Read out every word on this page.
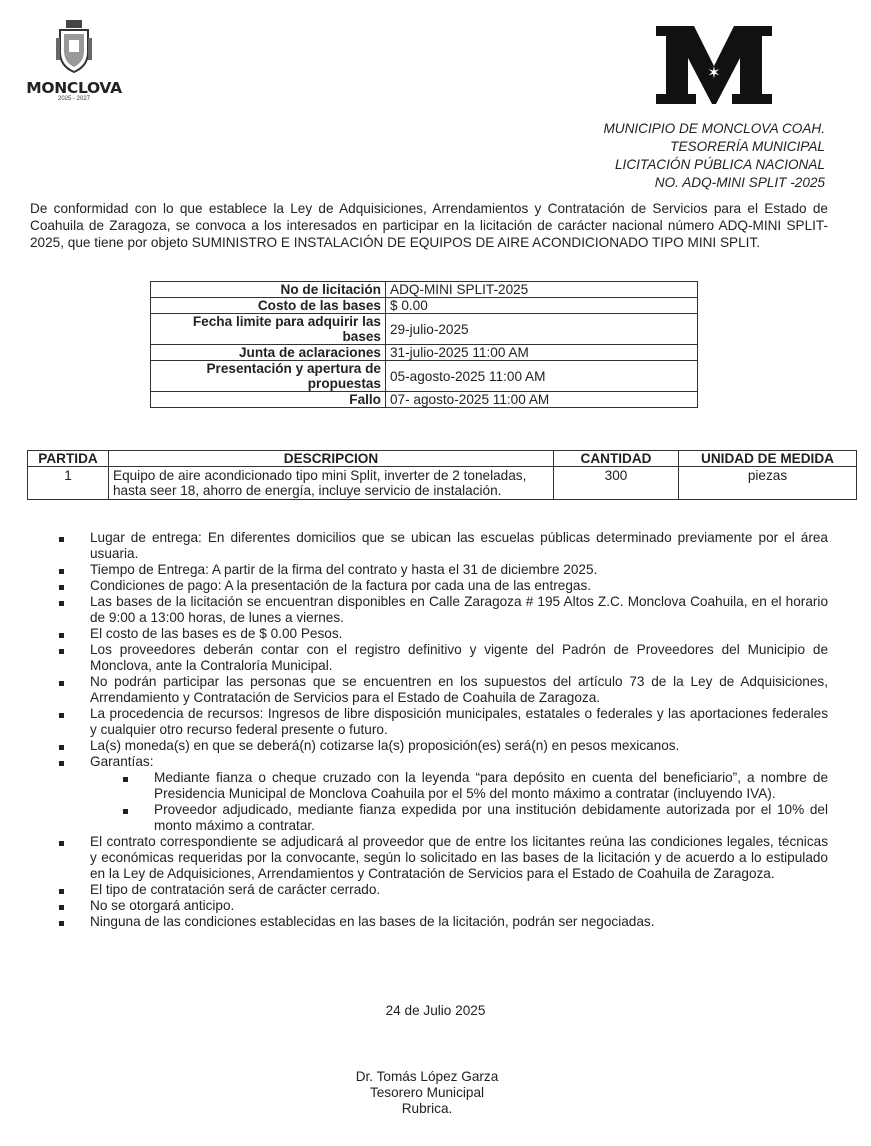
MONCLOVA
2025 - 2027
✶
MUNICIPIO DE MONCLOVA COAH.
TESORERÍA MUNICIPAL
LICITACIÓN PÚBLICA NACIONAL
NO. ADQ-MINI SPLIT -2025
De conformidad con lo que establece la Ley de Adquisiciones, Arrendamientos y Contratación de Servicios para el Estado de Coahuila de Zaragoza, se convoca a los interesados en participar en la licitación de carácter nacional número ADQ-MINI SPLIT-2025, que tiene por objeto SUMINISTRO E INSTALACIÓN DE EQUIPOS DE AIRE ACONDICIONADO TIPO MINI SPLIT.
No de licitación	ADQ-MINI SPLIT-2025
Costo de las bases	$ 0.00
Fecha limite para adquirir las bases	29-julio-2025
Junta de aclaraciones	31-julio-2025 11:00 AM
Presentación y apertura de propuestas	05-agosto-2025 11:00 AM
Fallo	07- agosto-2025 11:00 AM
PARTIDA	DESCRIPCION	CANTIDAD	UNIDAD DE MEDIDA
1	Equipo de aire acondicionado tipo mini Split, inverter de 2 toneladas, hasta seer 18, ahorro de energía, incluye servicio de instalación.	300	piezas
Lugar de entrega: En diferentes domicilios que se ubican las escuelas públicas determinado previamente por el área usuaria.
Tiempo de Entrega: A partir de la firma del contrato y hasta el 31 de diciembre 2025.
Condiciones de pago: A la presentación de la factura por cada una de las entregas.
Las bases de la licitación se encuentran disponibles en Calle Zaragoza # 195 Altos Z.C. Monclova Coahuila, en el horario de 9:00 a 13:00 horas, de lunes a viernes.
El costo de las bases es de $ 0.00 Pesos.
Los proveedores deberán contar con el registro definitivo y vigente del Padrón de Proveedores del Municipio de Monclova, ante la Contraloría Municipal.
No podrán participar las personas que se encuentren en los supuestos del artículo 73 de la Ley de Adquisiciones, Arrendamiento y Contratación de Servicios para el Estado de Coahuila de Zaragoza.
La procedencia de recursos: Ingresos de libre disposición municipales, estatales o federales y las aportaciones federales y cualquier otro recurso federal presente o futuro.
La(s) moneda(s) en que se deberá(n) cotizarse la(s) proposición(es) será(n) en pesos mexicanos.
Garantías:
Mediante fianza o cheque cruzado con la leyenda “para depósito en cuenta del beneficiario”, a nombre de Presidencia Municipal de Monclova Coahuila por el 5% del monto máximo a contratar (incluyendo IVA).
Proveedor adjudicado, mediante fianza expedida por una institución debidamente autorizada por el 10% del monto máximo a contratar.
El contrato correspondiente se adjudicará al proveedor que de entre los licitantes reúna las condiciones legales, técnicas y económicas requeridas por la convocante, según lo solicitado en las bases de la licitación y de acuerdo a lo estipulado en la Ley de Adquisiciones, Arrendamientos y Contratación de Servicios para el Estado de Coahuila de Zaragoza.
El tipo de contratación será de carácter cerrado.
No se otorgará anticipo.
Ninguna de las condiciones establecidas en las bases de la licitación, podrán ser negociadas.
24 de Julio 2025
Dr. Tomás López Garza
Tesorero Municipal
Rubrica.
